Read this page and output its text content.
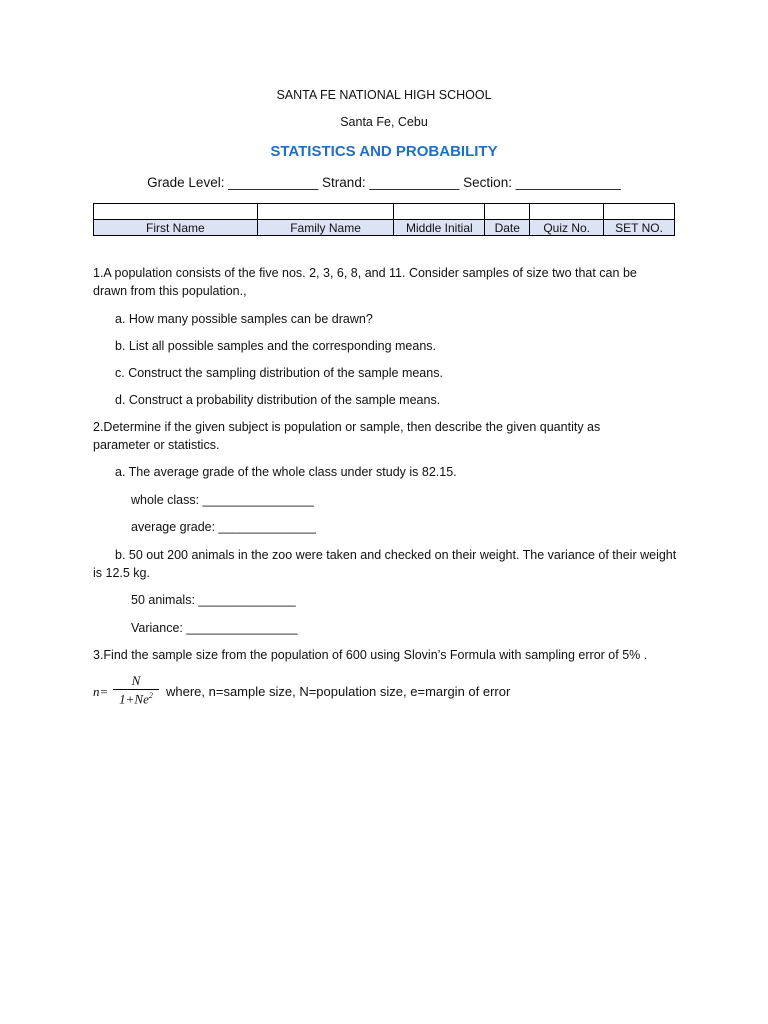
SANTA FE NATIONAL HIGH SCHOOL
Santa Fe, Cebu
STATISTICS AND PROBABILITY
Grade Level: ____________ Strand: ____________ Section: ______________

First Name	Family Name	Middle Initial	Date	Quiz No.	SET NO.
1.A population consists of the five nos. 2, 3, 6, 8, and 11. Consider samples of size two that can be drawn from this population.,
a. How many possible samples can be drawn?
b. List all possible samples and the corresponding means.
c. Construct the sampling distribution of the sample means.
d. Construct a probability distribution of the sample means.
2.Determine if the given subject is population or sample, then describe the given quantity as parameter or statistics.
a. The average grade of the whole class under study is 82.15.
whole class: ________________
average grade: ______________
b. 50 out 200 animals in the zoo were taken and checked on their weight. The variance of their weight is 12.5 kg.
50 animals: ______________
Variance: ________________
3.Find the sample size from the population of 600 using Slovin’s Formula with sampling error of 5% .
n=
N
$1+Ne^2$	where, n=sample size, N=population size, e=margin of error
